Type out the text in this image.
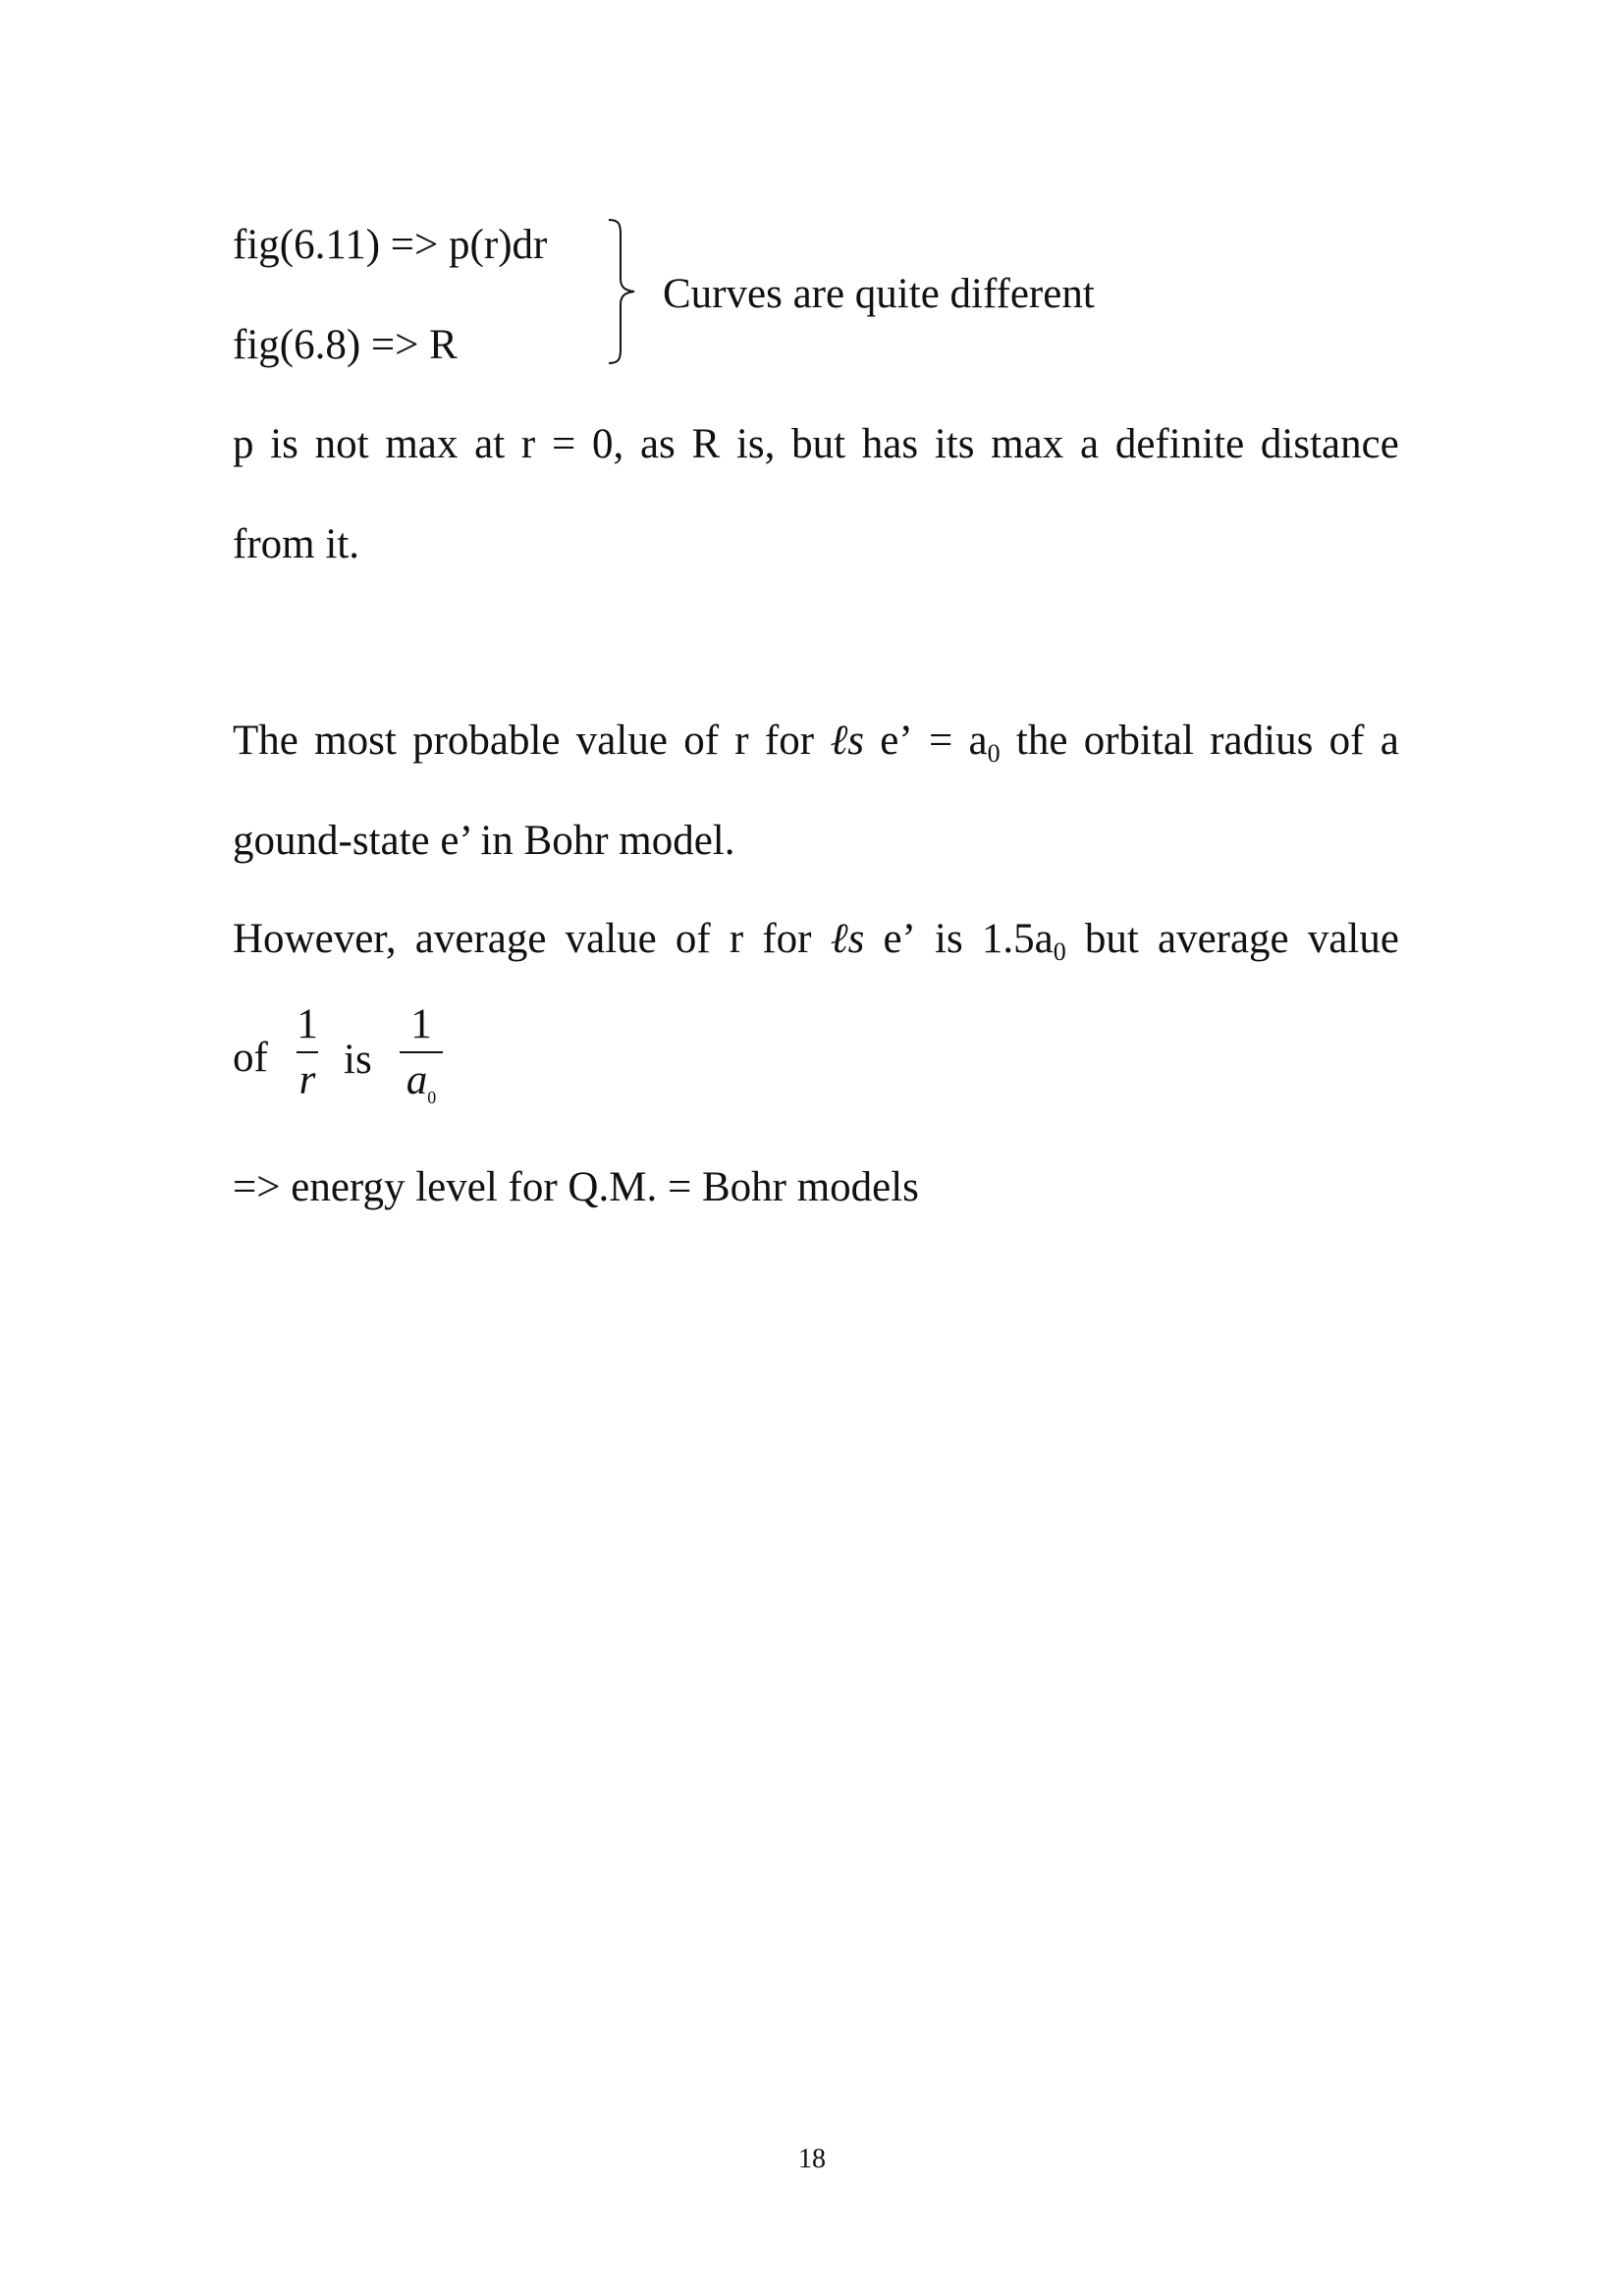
fig(6.11) => p(r)dr
fig(6.8) => R
Curves are quite different
p is not max at r = 0, as R is, but has its max a definite distance
from it.
The most probable value of r for ℓs e’ = a0 the orbital radius of a
gound-state e’ in Bohr model.
However, average value of r for ℓs e’ is 1.5a0 but average value
of
1
r is
1
$a_0$
=> energy level for Q.M. = Bohr models
18
